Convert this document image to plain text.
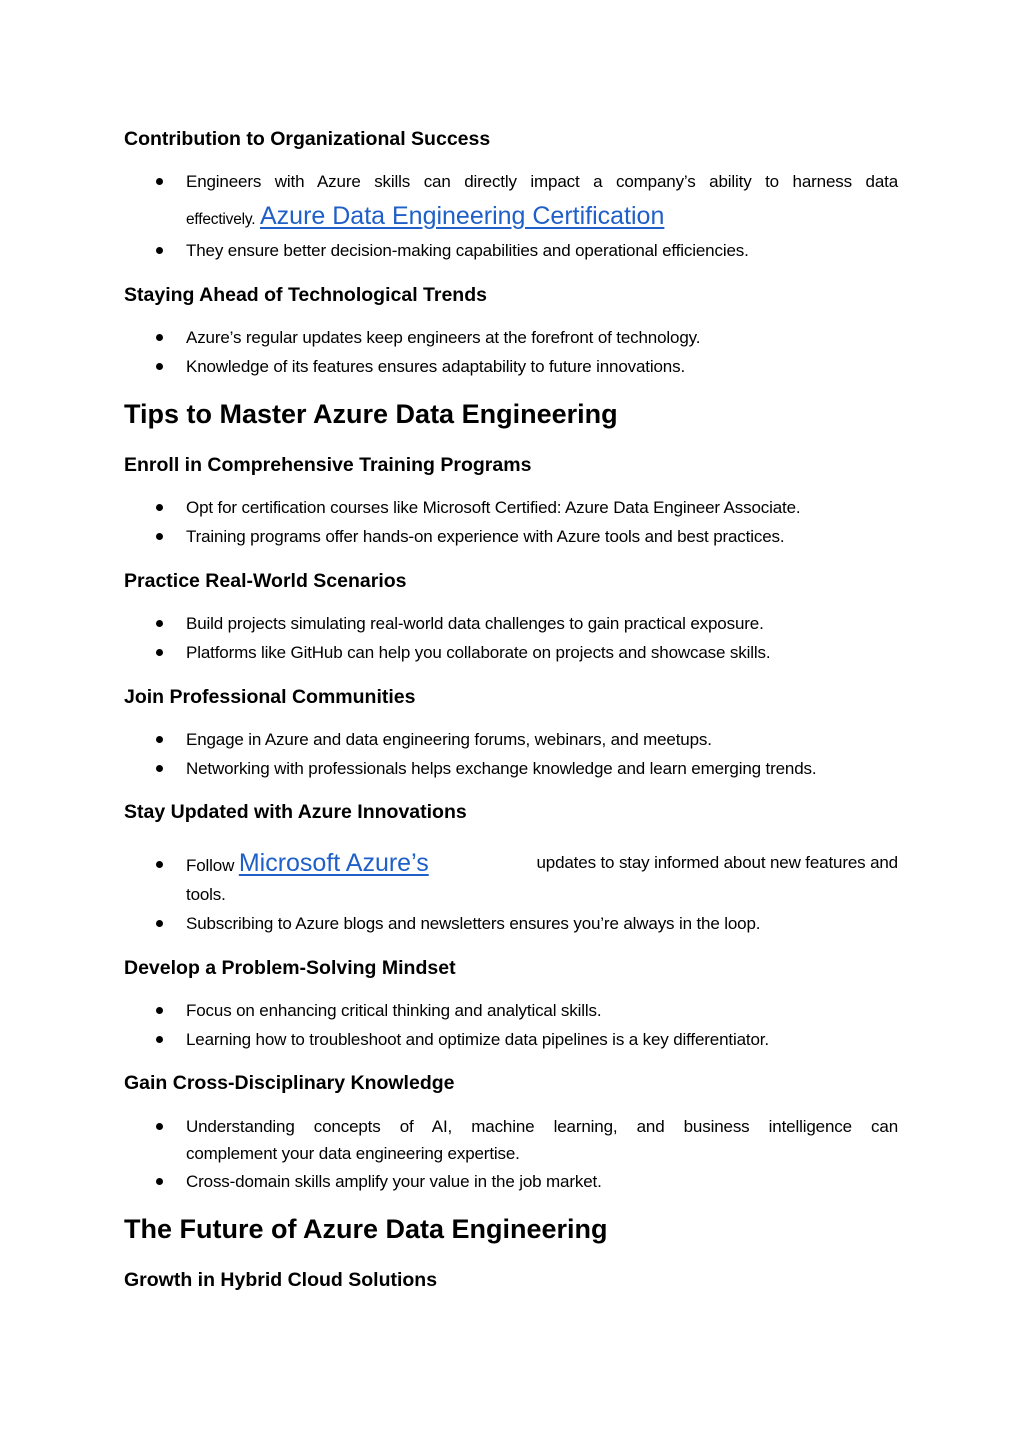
Contribution to Organizational Success
Engineers with Azure skills can directly impact a company’s ability to harness data
effectively. Azure Data Engineering Certification
They ensure better decision-making capabilities and operational efficiencies.
Staying Ahead of Technological Trends
Azure’s regular updates keep engineers at the forefront of technology.
Knowledge of its features ensures adaptability to future innovations.
Tips to Master Azure Data Engineering
Enroll in Comprehensive Training Programs
Opt for certification courses like Microsoft Certified: Azure Data Engineer Associate.
Training programs offer hands-on experience with Azure tools and best practices.
Practice Real-World Scenarios
Build projects simulating real-world data challenges to gain practical exposure.
Platforms like GitHub can help you collaborate on projects and showcase skills.
Join Professional Communities
Engage in Azure and data engineering forums, webinars, and meetups.
Networking with professionals helps exchange knowledge and learn emerging trends.
Stay Updated with Azure Innovations
Follow Microsoft Azure’s	updates to stay informed about new features and
tools.
Subscribing to Azure blogs and newsletters ensures you’re always in the loop.
Develop a Problem-Solving Mindset
Focus on enhancing critical thinking and analytical skills.
Learning how to troubleshoot and optimize data pipelines is a key differentiator.
Gain Cross-Disciplinary Knowledge
Understanding concepts of AI, machine learning, and business intelligence can
complement your data engineering expertise.
Cross-domain skills amplify your value in the job market.
The Future of Azure Data Engineering
Growth in Hybrid Cloud Solutions
